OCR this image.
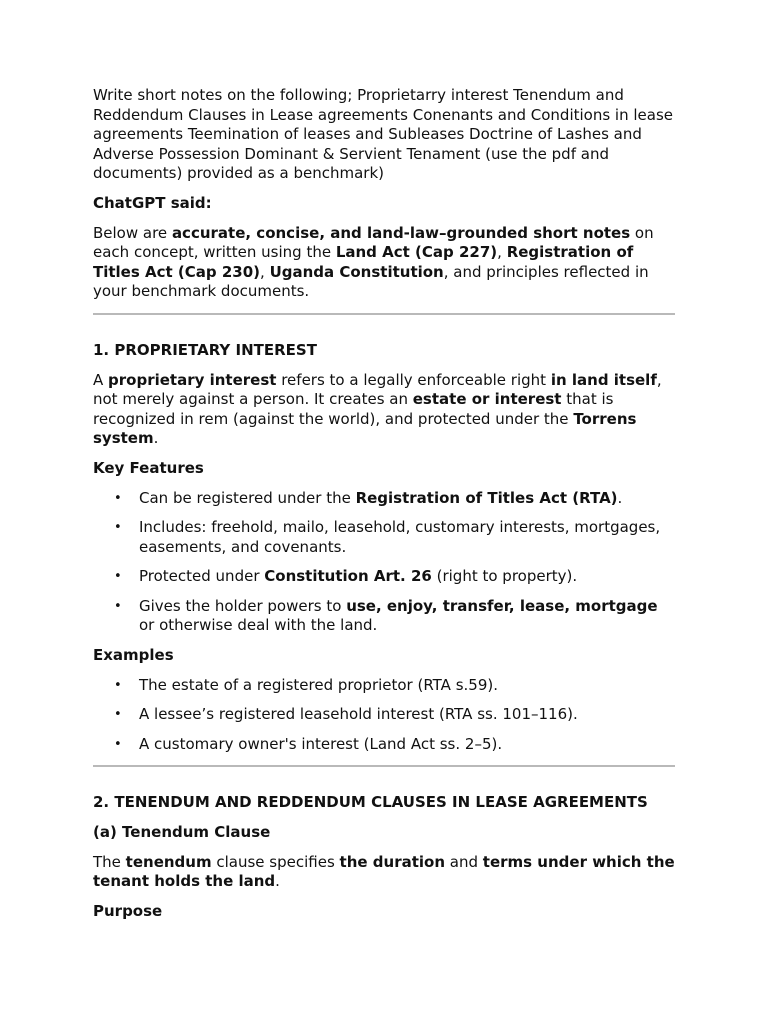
Write short notes on the following; Proprietarry interest Tenendum and Reddendum Clauses in Lease agreements Conenants and Conditions in lease agreements Teemination of leases and Subleases Doctrine of Lashes and Adverse Possession Dominant & Servient Tenament (use the pdf and documents) provided as a benchmark)

ChatGPT said:

Below are accurate, concise, and land-law–grounded short notes on each concept, written using the Land Act (Cap 227), Registration of Titles Act (Cap 230), Uganda Constitution, and principles reflected in your benchmark documents.

1. PROPRIETARY INTEREST

A proprietary interest refers to a legally enforceable right in land itself, not merely against a person. It creates an estate or interest that is recognized in rem (against the world), and protected under the Torrens system.

Key Features

• Can be registered under the Registration of Titles Act (RTA).
• Includes: freehold, mailo, leasehold, customary interests, mortgages, easements, and covenants.
• Protected under Constitution Art. 26 (right to property).
• Gives the holder powers to use, enjoy, transfer, lease, mortgage or otherwise deal with the land.

Examples

• The estate of a registered proprietor (RTA s.59).
• A lessee’s registered leasehold interest (RTA ss. 101–116).
• A customary owner's interest (Land Act ss. 2–5).
2. TENENDUM AND REDDENDUM CLAUSES IN LEASE AGREEMENTS

(a) Tenendum Clause

The tenendum clause specifies the duration and terms under which the tenant holds the land.

Purpose
